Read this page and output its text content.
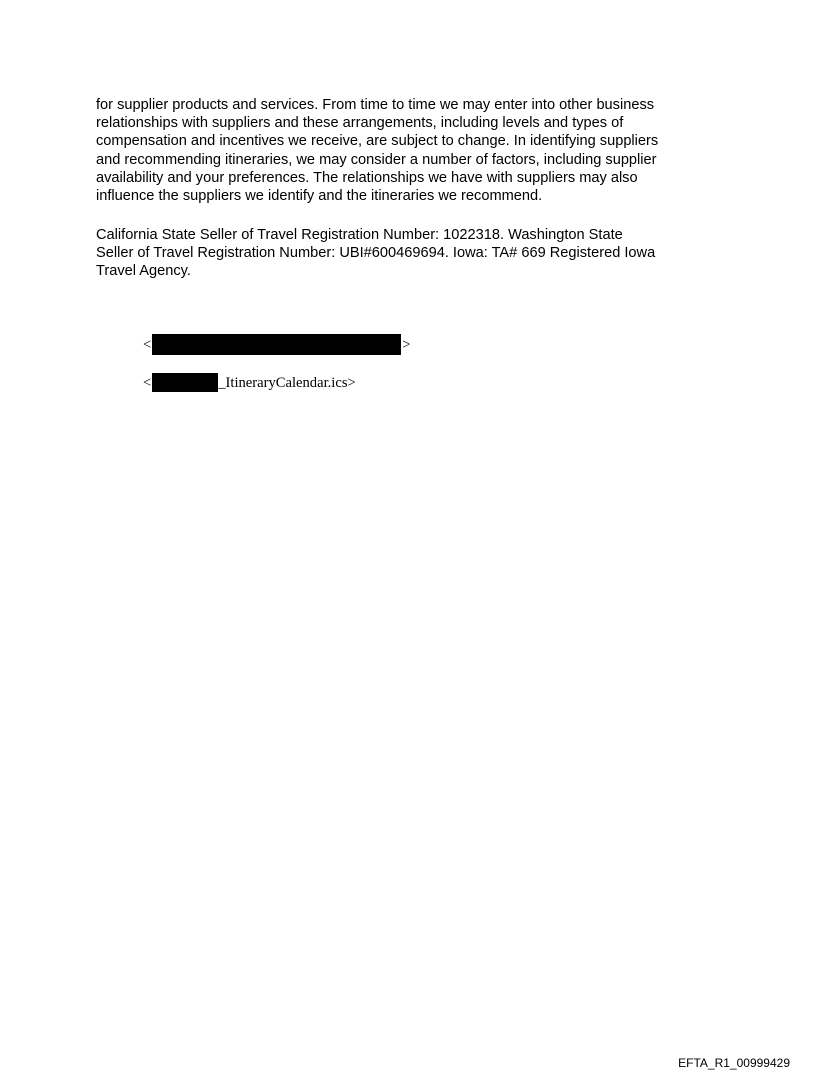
for supplier products and services. From time to time we may enter into other business
relationships with suppliers and these arrangements, including levels and types of
compensation and incentives we receive, are subject to change. In identifying suppliers
and recommending itineraries, we may consider a number of factors, including supplier
availability and your preferences. The relationships we have with suppliers may also
influence the suppliers we identify and the itineraries we recommend.

California State Seller of Travel Registration Number: 1022318. Washington State
Seller of Travel Registration Number: UBI#600469694. Iowa: TA# 669 Registered Iowa
Travel Agency.

<	>
<	_ItineraryCalendar.ics>
EFTA_R1_00999429
